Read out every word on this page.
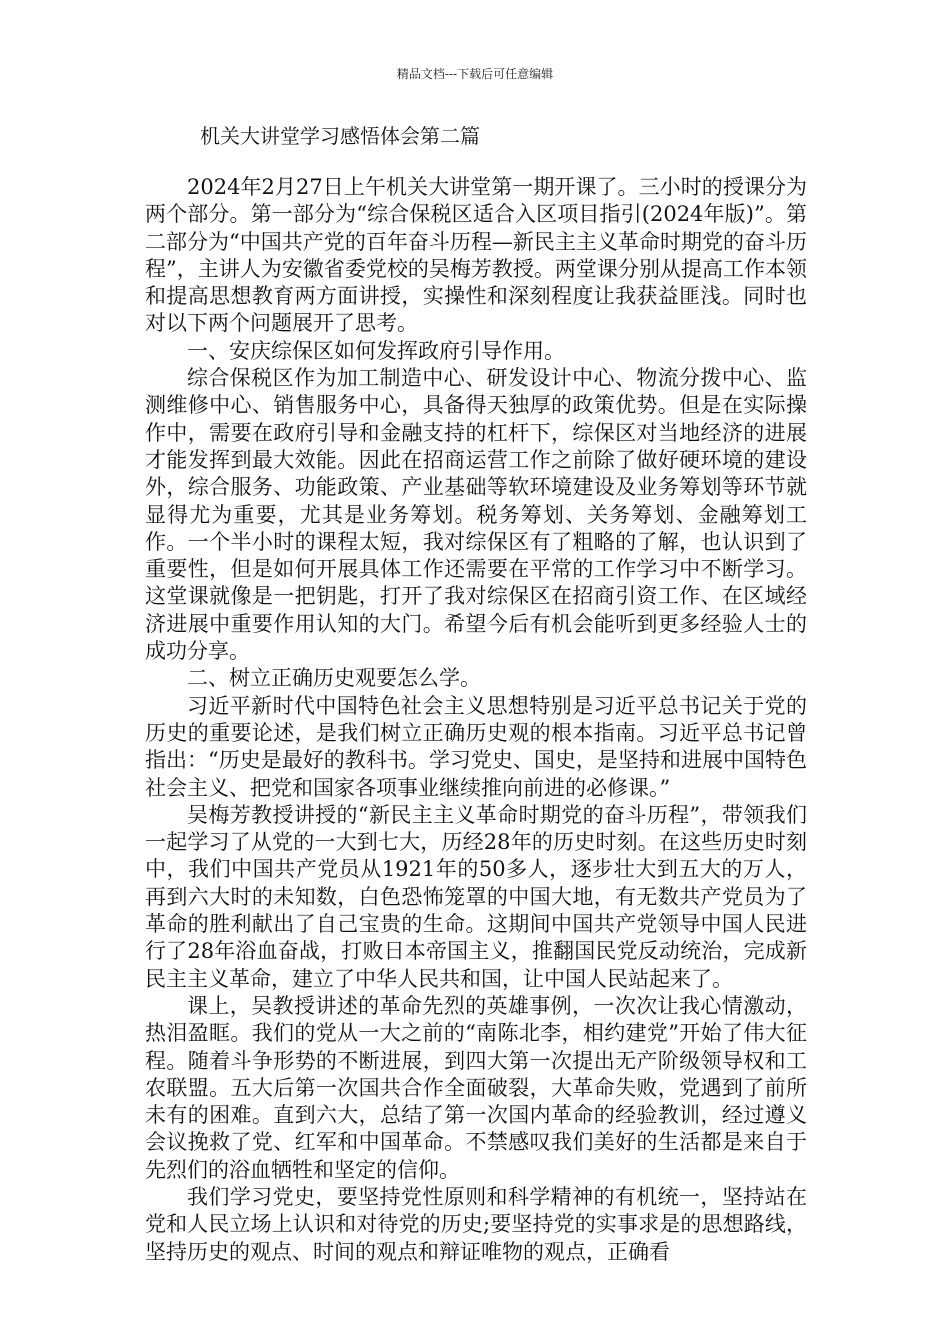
精品文档---下载后可任意编辑
机关大讲堂学习感悟体会第二篇

2024年2月27日上午机关大讲堂第一期开课了。三小时的授课分为两个部分。第一部分为“综合保税区适合入区项目指引(2024年版)”。第二部分为“中国共产党的百年奋斗历程—新民主主义革命时期党的奋斗历程”，主讲人为安徽省委党校的吴梅芳教授。两堂课分别从提高工作本领和提高思想教育两方面讲授，实操性和深刻程度让我获益匪浅。同时也对以下两个问题展开了思考。

一、安庆综保区如何发挥政府引导作用。

综合保税区作为加工制造中心、研发设计中心、物流分拨中心、监测维修中心、销售服务中心，具备得天独厚的政策优势。但是在实际操作中，需要在政府引导和金融支持的杠杆下，综保区对当地经济的进展才能发挥到最大效能。因此在招商运营工作之前除了做好硬环境的建设外，综合服务、功能政策、产业基础等软环境建设及业务筹划等环节就显得尤为重要，尤其是业务筹划。税务筹划、关务筹划、金融筹划工作。一个半小时的课程太短，我对综保区有了粗略的了解，也认识到了重要性，但是如何开展具体工作还需要在平常的工作学习中不断学习。这堂课就像是一把钥匙，打开了我对综保区在招商引资工作、在区域经济进展中重要作用认知的大门。希望今后有机会能听到更多经验人士的成功分享。

二、树立正确历史观要怎么学。

习近平新时代中国特色社会主义思想特别是习近平总书记关于党的历史的重要论述，是我们树立正确历史观的根本指南。习近平总书记曾指出：“历史是最好的教科书。学习党史、国史，是坚持和进展中国特色社会主义、把党和国家各项事业继续推向前进的必修课。”

吴梅芳教授讲授的“新民主主义革命时期党的奋斗历程”，带领我们一起学习了从党的一大到七大，历经28年的历史时刻。在这些历史时刻中，我们中国共产党员从1921年的50多人，逐步壮大到五大的万人，再到六大时的未知数，白色恐怖笼罩的中国大地，有无数共产党员为了革命的胜利献出了自己宝贵的生命。这期间中国共产党领导中国人民进行了28年浴血奋战，打败日本帝国主义，推翻国民党反动统治，完成新民主主义革命，建立了中华人民共和国，让中国人民站起来了。

课上，吴教授讲述的革命先烈的英雄事例，一次次让我心情激动，热泪盈眶。我们的党从一大之前的“南陈北李，相约建党”开始了伟大征程。随着斗争形势的不断进展，到四大第一次提出无产阶级领导权和工农联盟。五大后第一次国共合作全面破裂，大革命失败，党遇到了前所未有的困难。直到六大，总结了第一次国内革命的经验教训，经过遵义会议挽救了党、红军和中国革命。不禁感叹我们美好的生活都是来自于先烈们的浴血牺牲和坚定的信仰。

我们学习党史，要坚持党性原则和科学精神的有机统一，坚持站在党和人民立场上认识和对待党的历史;要坚持党的实事求是的思想路线，坚持历史的观点、时间的观点和辩证唯物的观点，正确看
